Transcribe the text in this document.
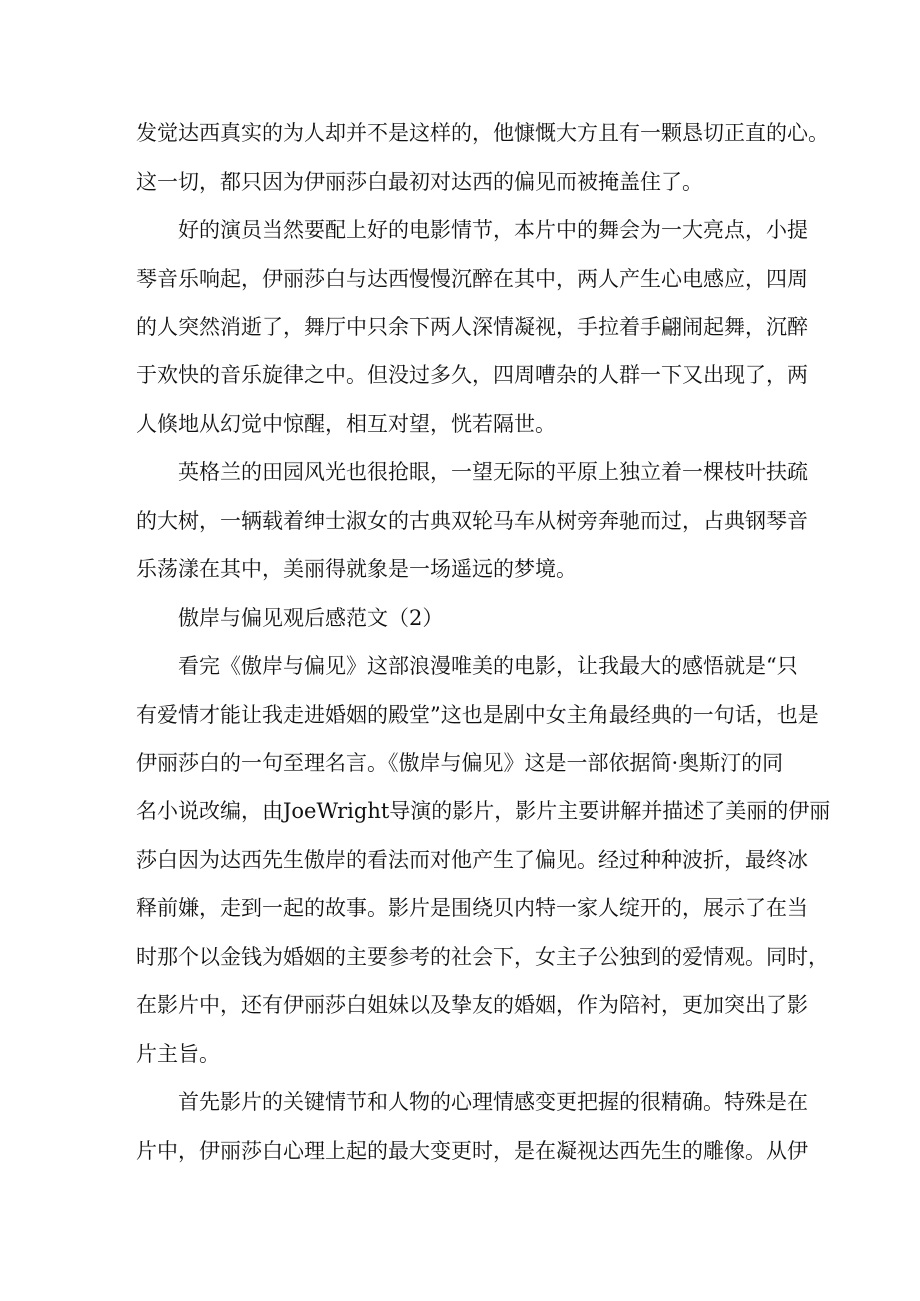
发觉达西真实的为人却并不是这样的，他慷慨大方且有一颗恳切正直的心。
这一切，都只因为伊丽莎白最初对达西的偏见而被掩盖住了。
好的演员当然要配上好的电影情节，本片中的舞会为一大亮点，小提
琴音乐响起，伊丽莎白与达西慢慢沉醉在其中，两人产生心电感应，四周
的人突然消逝了，舞厅中只余下两人深情凝视，手拉着手翩闹起舞，沉醉
于欢快的音乐旋律之中。但没过多久，四周嘈杂的人群一下又出现了，两
人倏地从幻觉中惊醒，相互对望，恍若隔世。
英格兰的田园风光也很抢眼，一望无际的平原上独立着一棵枝叶扶疏
的大树，一辆载着绅士淑女的古典双轮马车从树旁奔驰而过，占典钢琴音
乐荡漾在其中，美丽得就象是一场遥远的梦境。
傲岸与偏见观后感范文（2）
看完《傲岸与偏见》这部浪漫唯美的电影，让我最大的感悟就是“只
有爱情才能让我走进婚姻的殿堂”这也是剧中女主角最经典的一句话，也是
伊丽莎白的一句至理名言。《傲岸与偏见》这是一部依据简·奥斯汀的同
名小说改编，由JoeWright导演的影片，影片主要讲解并描述了美丽的伊丽
莎白因为达西先生傲岸的看法而对他产生了偏见。经过种种波折，最终冰
释前嫌，走到一起的故事。影片是围绕贝内特一家人绽开的，展示了在当
时那个以金钱为婚姻的主要参考的社会下，女主子公独到的爱情观。同时，
在影片中，还有伊丽莎白姐妹以及挚友的婚姻，作为陪衬，更加突出了影
片主旨。
首先影片的关键情节和人物的心理情感变更把握的很精确。特殊是在
片中，伊丽莎白心理上起的最大变更时，是在凝视达西先生的雕像。从伊
